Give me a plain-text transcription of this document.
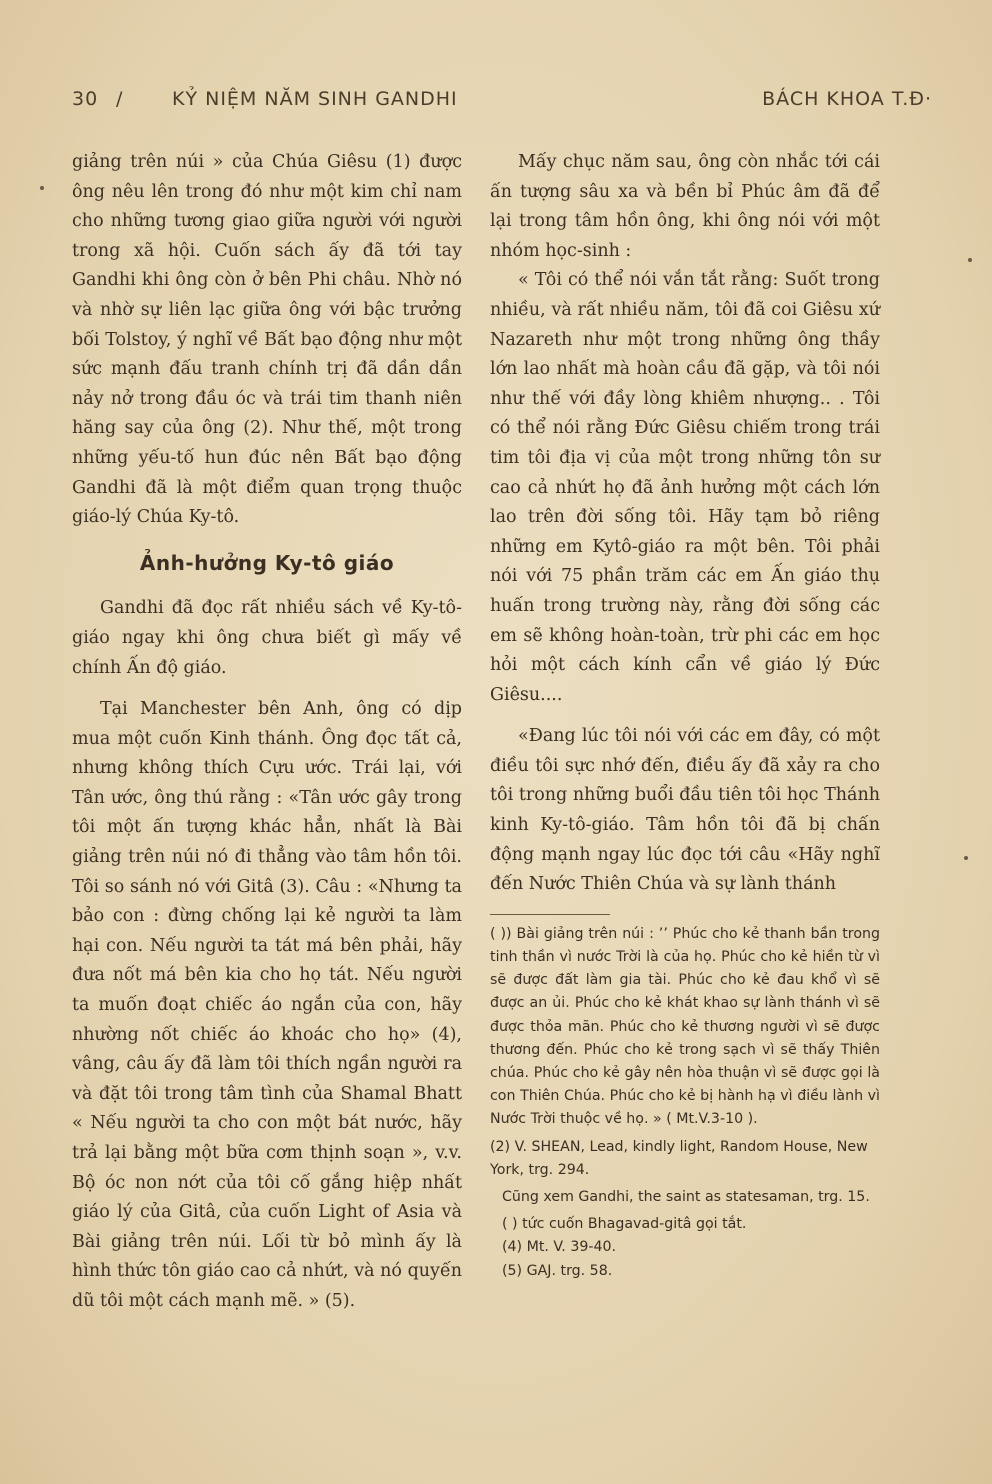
30 /	KỶ NIỆM NĂM SINH GANDHI	BÁCH KHOA T.Đ·

giảng trên núi » của Chúa Giêsu (1) được ông nêu lên trong đó như một kim chỉ nam cho những tương giao giữa người với người trong xã hội. Cuốn sách ấy đã tới tay Gandhi khi ông còn ở bên Phi châu. Nhờ nó và nhờ sự liên lạc giữa ông với bậc trưởng bối Tolstoy, ý nghĩ về Bất bạo động như một sức mạnh đấu tranh chính trị đã dần dần nảy nở trong đầu óc và trái tim thanh niên hăng say của ông (2). Như thế, một trong những yếu-tố hun đúc nên Bất bạo động Gandhi đã là một điểm quan trọng thuộc giáo-lý Chúa Ky-tô.

Ảnh-hưởng Ky-tô giáo

Gandhi đã đọc rất nhiều sách về Ky-tô-giáo ngay khi ông chưa biết gì mấy về chính Ấn độ giáo.

Tại Manchester bên Anh, ông có dịp mua một cuốn Kinh thánh. Ông đọc tất cả, nhưng không thích Cựu ước. Trái lại, với Tân ước, ông thú rằng : «Tân ước gây trong tôi một ấn tượng khác hẳn, nhất là Bài giảng trên núi nó đi thẳng vào tâm hồn tôi. Tôi so sánh nó với Gitâ (3). Câu : «Nhưng ta bảo con : đừng chống lại kẻ người ta làm hại con. Nếu người ta tát má bên phải, hãy đưa nốt má bên kia cho họ tát. Nếu người ta muốn đoạt chiếc áo ngắn của con, hãy nhường nốt chiếc áo khoác cho họ» (4), vâng, câu ấy đã làm tôi thích ngần người ra và đặt tôi trong tâm tình của Shamal Bhatt « Nếu người ta cho con một bát nước, hãy trả lại bằng một bữa cơm thịnh soạn », v.v. Bộ óc non nớt của tôi cố gắng hiệp nhất giáo lý của Gitâ, của cuốn Light of Asia và Bài giảng trên núi. Lối từ bỏ mình ấy là hình thức tôn giáo cao cả nhứt, và nó quyến dũ tôi một cách mạnh mẽ. » (5).

Mấy chục năm sau, ông còn nhắc tới cái ấn tượng sâu xa và bền bỉ Phúc âm đã để lại trong tâm hồn ông, khi ông nói với một nhóm học-sinh :

« Tôi có thể nói vắn tắt rằng: Suốt trong nhiều, và rất nhiều năm, tôi đã coi Giêsu xứ Nazareth như một trong những ông thầy lớn lao nhất mà hoàn cầu đã gặp, và tôi nói như thế với đầy lòng khiêm nhượng.. . Tôi có thể nói rằng Đức Giêsu chiếm trong trái tim tôi địa vị của một trong những tôn sư cao cả nhứt họ đã ảnh hưởng một cách lớn lao trên đời sống tôi. Hãy tạm bỏ riêng những em Kytô-giáo ra một bên. Tôi phải nói với 75 phần trăm các em Ấn giáo thụ huấn trong trường này, rằng đời sống các em sẽ không hoàn-toàn, trừ phi các em học hỏi một cách kính cẩn về giáo lý Đức Giêsu....

«Đang lúc tôi nói với các em đây, có một điều tôi sực nhớ đến, điều ấy đã xảy ra cho tôi trong những buổi đầu tiên tôi học Thánh kinh Ky-tô-giáo. Tâm hồn tôi đã bị chấn động mạnh ngay lúc đọc tới câu «Hãy nghĩ đến Nước Thiên Chúa và sự lành thánh

( )) Bài giảng trên núi : ’’ Phúc cho kẻ thanh bần trong tinh thần vì nước Trời là của họ. Phúc cho kẻ hiền từ vì sẽ được đất làm gia tài. Phúc cho kẻ đau khổ vì sẽ được an ủi. Phúc cho kẻ khát khao sự lành thánh vì sẽ được thỏa mãn. Phúc cho kẻ thương người vì sẽ được thương đến. Phúc cho kẻ trong sạch vì sẽ thấy Thiên chúa. Phúc cho kẻ gây nên hòa thuận vì sẽ được gọi là con Thiên Chúa. Phúc cho kẻ bị hành hạ vì điều lành vì Nước Trời thuộc về họ. » ( Mt.V.3-10 ).

(2) V. SHEAN, Lead, kindly light, Random House, New York, trg. 294.

Cũng xem Gandhi, the saint as statesaman, trg. 15.

( ) tức cuốn Bhagavad-gitâ gọi tắt.

(4) Mt. V. 39-40.

(5) GAJ. trg. 58.
